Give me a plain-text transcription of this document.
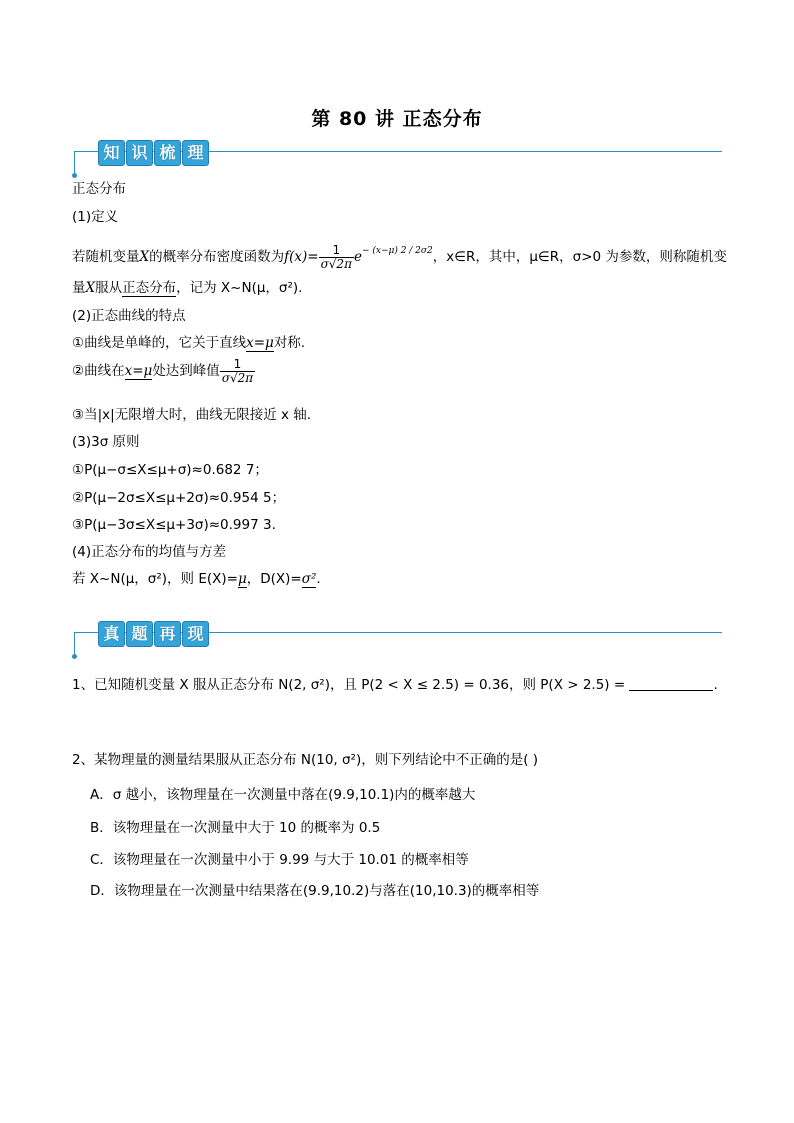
第 80 讲 正态分布
知 识 梳 理
正态分布
(1)定义
若随机变量X的概率分布密度函数为$f(x)= \frac{1}{\sigma√2\pi} e^{- (x-\mu) 2 / 2\sigma 2}$，x∈R，其中，μ∈R，σ>0 为参数，则称随机变
量X服从正态分布，记为 X~N(μ，σ²).
(2)正态曲线的特点
①曲线是单峰的，它关于直线x=μ对称.
②曲线在x=μ处达到峰值 $\frac{1}{\sigma√2\pi}$
③当|x|无限增大时，曲线无限接近 x 轴.
(3)3σ 原则
①P(μ−σ≤X≤μ+σ)≈0.682 7；
②P(μ−2σ≤X≤μ+2σ)≈0.954 5；
③P(μ−3σ≤X≤μ+3σ)≈0.997 3.
(4)正态分布的均值与方差
若 X~N(μ，σ²)，则 E(X)=μ，D(X)=σ².
真 题 再 现
1、已知随机变量 X 服从正态分布 N(2, σ²)，且 P(2 < X ≤ 2.5) = 0.36，则 P(X > 2.5) =	.
2、某物理量的测量结果服从正态分布 N(10, σ²)，则下列结论中不正确的是( )
A．σ 越小，该物理量在一次测量中落在(9.9,10.1)内的概率越大
B．该物理量在一次测量中大于 10 的概率为 0.5
C．该物理量在一次测量中小于 9.99 与大于 10.01 的概率相等
D．该物理量在一次测量中结果落在(9.9,10.2)与落在(10,10.3)的概率相等
